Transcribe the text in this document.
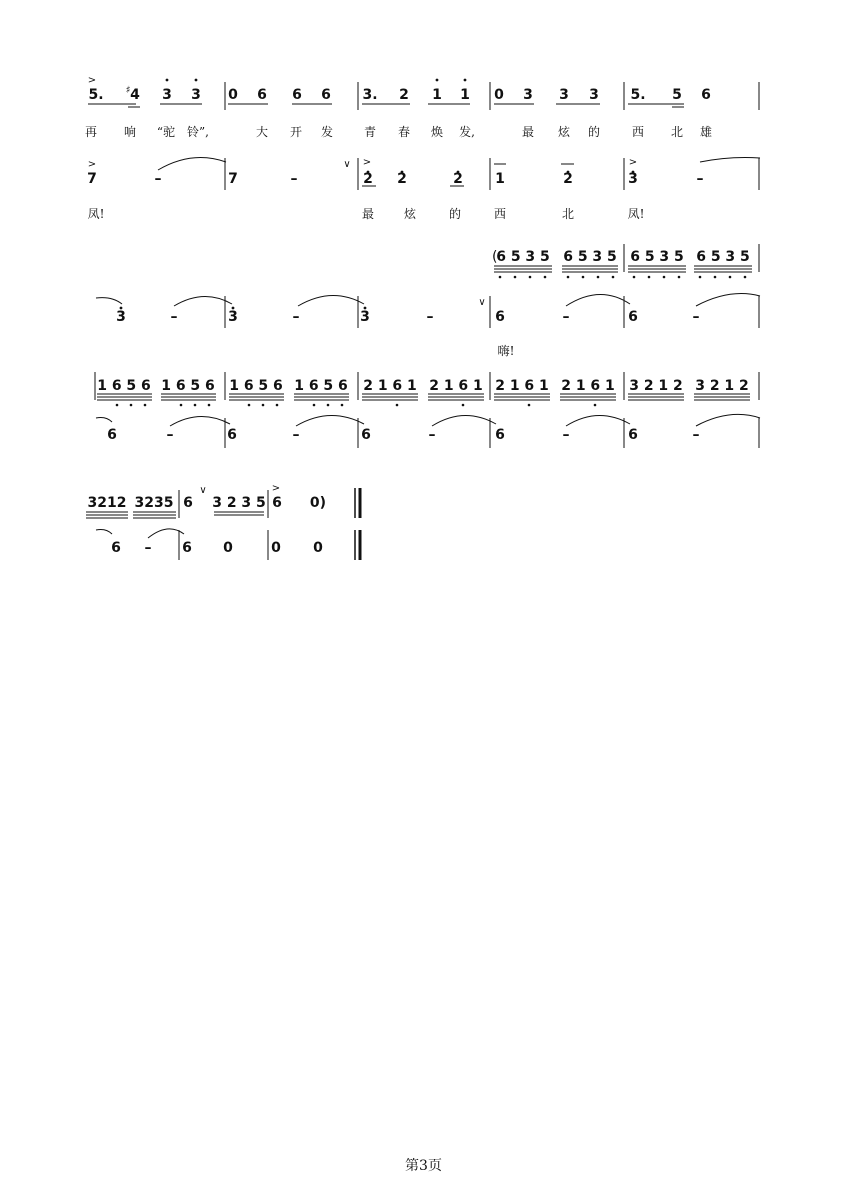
>
5. ♯ 4 3 3 0 6 6 6 3. 2 1 1 0 3 3 3 5. 5 6
再 响 “驼 铃”,	大 开 发	青 春 焕 发,	最 炫 的	西 北 雄
>
7	–	7	–
∨ >
2 2	2 1	2
>
3	–
凤!	最 炫	的	西	北	凤!
(
6 5 3 5 6 5 3 5 6 5 3 5 6 5 3 5
3	–	3	–	3	–
∨
6	–	6	–
嗨!
1 6 5 6 1 6 5 6 1 6 5 6 1 6 5 6 2 1 6 1 2 1 6 1 2 1 6 1 2 1 6 1 3 2 1 2 3 2 1 2
6	–	6	–	6	–	6	–	6	–
3212 3235 6
∨
3 2 3 5
>
6 0)
6 – 6 0	0 0
第3页
